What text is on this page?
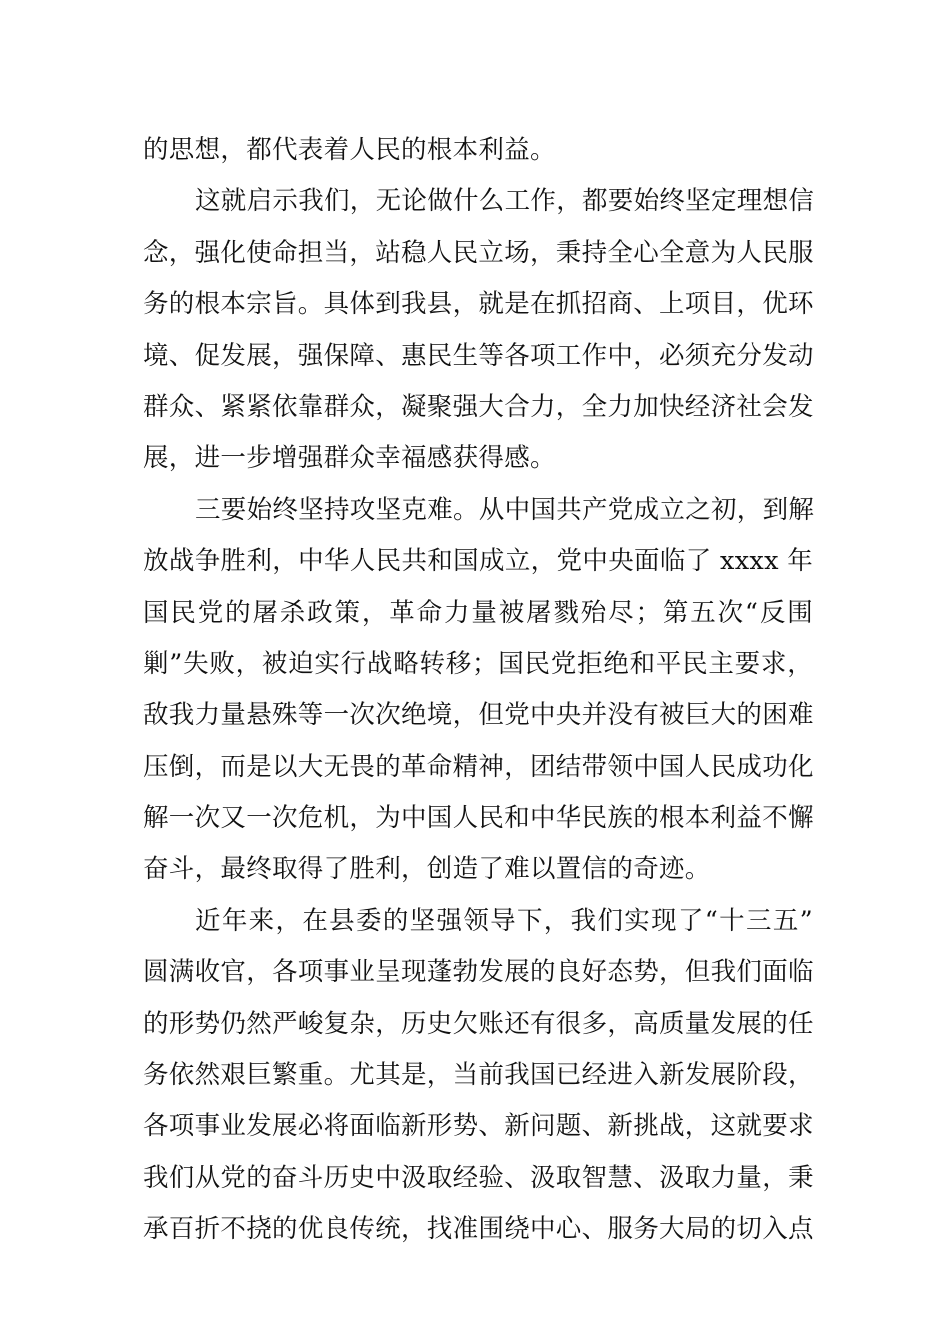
的思想，都代表着人民的根本利益。
这就启示我们，无论做什么工作，都要始终坚定理想信
念，强化使命担当，站稳人民立场，秉持全心全意为人民服
务的根本宗旨。具体到我县，就是在抓招商、上项目，优环
境、促发展，强保障、惠民生等各项工作中，必须充分发动
群众、紧紧依靠群众，凝聚强大合力，全力加快经济社会发
展，进一步增强群众幸福感获得感。
三要始终坚持攻坚克难。从中国共产党成立之初，到解
放战争胜利，中华人民共和国成立，党中央面临了 xxxx 年
国民党的屠杀政策，革命力量被屠戮殆尽；第五次“反围
剿”失败，被迫实行战略转移；国民党拒绝和平民主要求，
敌我力量悬殊等一次次绝境，但党中央并没有被巨大的困难
压倒，而是以大无畏的革命精神，团结带领中国人民成功化
解一次又一次危机，为中国人民和中华民族的根本利益不懈
奋斗，最终取得了胜利，创造了难以置信的奇迹。
近年来，在县委的坚强领导下，我们实现了“十三五”
圆满收官，各项事业呈现蓬勃发展的良好态势，但我们面临
的形势仍然严峻复杂，历史欠账还有很多，高质量发展的任
务依然艰巨繁重。尤其是，当前我国已经进入新发展阶段，
各项事业发展必将面临新形势、新问题、新挑战，这就要求
我们从党的奋斗历史中汲取经验、汲取智慧、汲取力量，秉
承百折不挠的优良传统，找准围绕中心、服务大局的切入点
